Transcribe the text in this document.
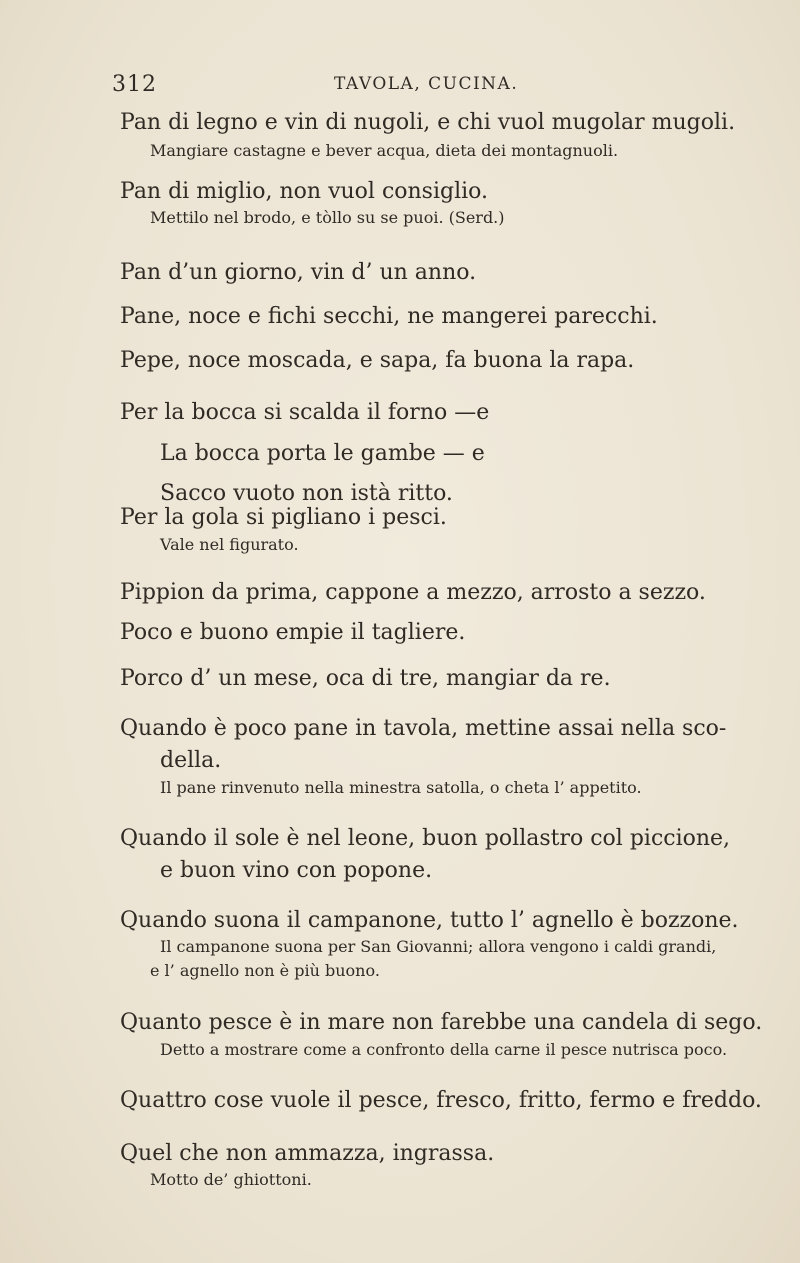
312	TAVOLA, CUCINA.
Pan di legno e vin di nugoli, e chi vuol mugolar mugoli.
Mangiare castagne e bever acqua, dieta dei montagnuoli.
Pan di miglio, non vuol consiglio.
Mettilo nel brodo, e tòllo su se puoi. (Serd.)
Pan d’un giorno, vin d’ un anno.
Pane, noce e fichi secchi, ne mangerei parecchi.
Pepe, noce moscada, e sapa, fa buona la rapa.
Per la bocca si scalda il forno —e
La bocca porta le gambe — e
Sacco vuoto non istà ritto.
Per la gola si pigliano i pesci.
Vale nel figurato.
Pippion da prima, cappone a mezzo, arrosto a sezzo.
Poco e buono empie il tagliere.
Porco d’ un mese, oca di tre, mangiar da re.
Quando è poco pane in tavola, mettine assai nella sco-
della.
Il pane rinvenuto nella minestra satolla, o cheta l’ appetito.
Quando il sole è nel leone, buon pollastro col piccione,
e buon vino con popone.
Quando suona il campanone, tutto l’ agnello è bozzone.
Il campanone suona per San Giovanni; allora vengono i caldi grandi,
e l’ agnello non è più buono.
Quanto pesce è in mare non farebbe una candela di sego.
Detto a mostrare come a confronto della carne il pesce nutrisca poco.
Quattro cose vuole il pesce, fresco, fritto, fermo e freddo.
Quel che non ammazza, ingrassa.
Motto de’ ghiottoni.
